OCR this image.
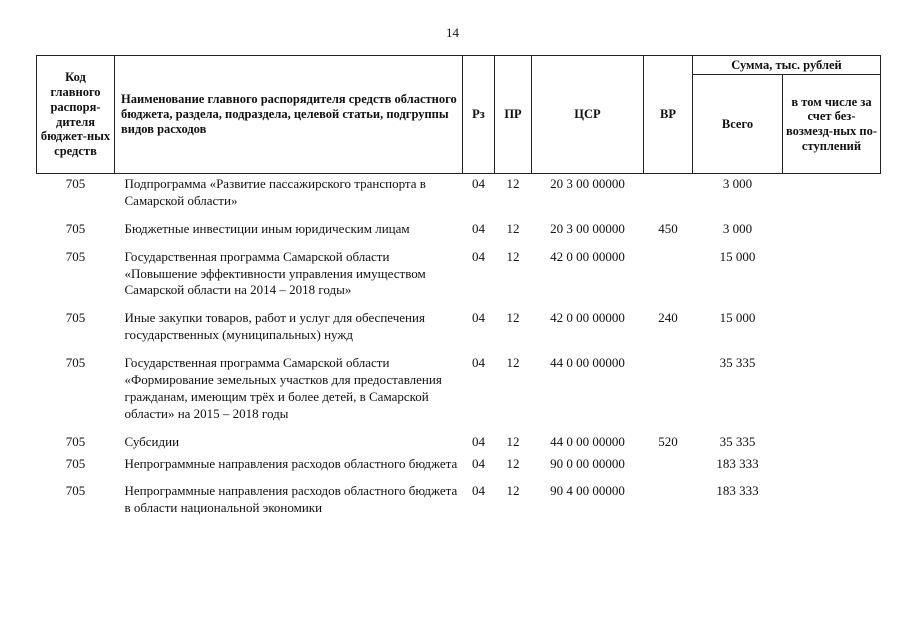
14
Код главного распоря-дителя бюджет-ных средств	Наименование главного распорядителя средств областного бюджета, раздела, подраздела, целевой статьи, подгруппы видов расходов	Рз	ПР	ЦСР	ВР	Сумма, тыс. рублей	
						Всего	в том числе за счет без-возмезд-ных по-ступлений
705	Подпрограмма «Развитие пассажирского транспорта в Самарской области»	04	12	20 3 00 00000		3 000	
705	Бюджетные инвестиции иным юридическим лицам	04	12	20 3 00 00000	450	3 000	
705	Государственная программа Самарской области «Повышение эффективности управления имуществом Самарской области на 2014 – 2018 годы»	04	12	42 0 00 00000		15 000	
705	Иные закупки товаров, работ и услуг для обеспечения государственных (муниципальных) нужд	04	12	42 0 00 00000	240	15 000	
705	Государственная программа Самарской области «Формирование земельных участков для предоставления гражданам, имеющим трёх и более детей, в Самарской области» на 2015 – 2018 годы	04	12	44 0 00 00000		35 335	
705	Субсидии	04	12	44 0 00 00000	520	35 335	
705	Непрограммные направления расходов областного бюджета	04	12	90 0 00 00000		183 333	
705	Непрограммные направления расходов областного бюджета в области национальной экономики	04	12	90 4 00 00000		183 333	
